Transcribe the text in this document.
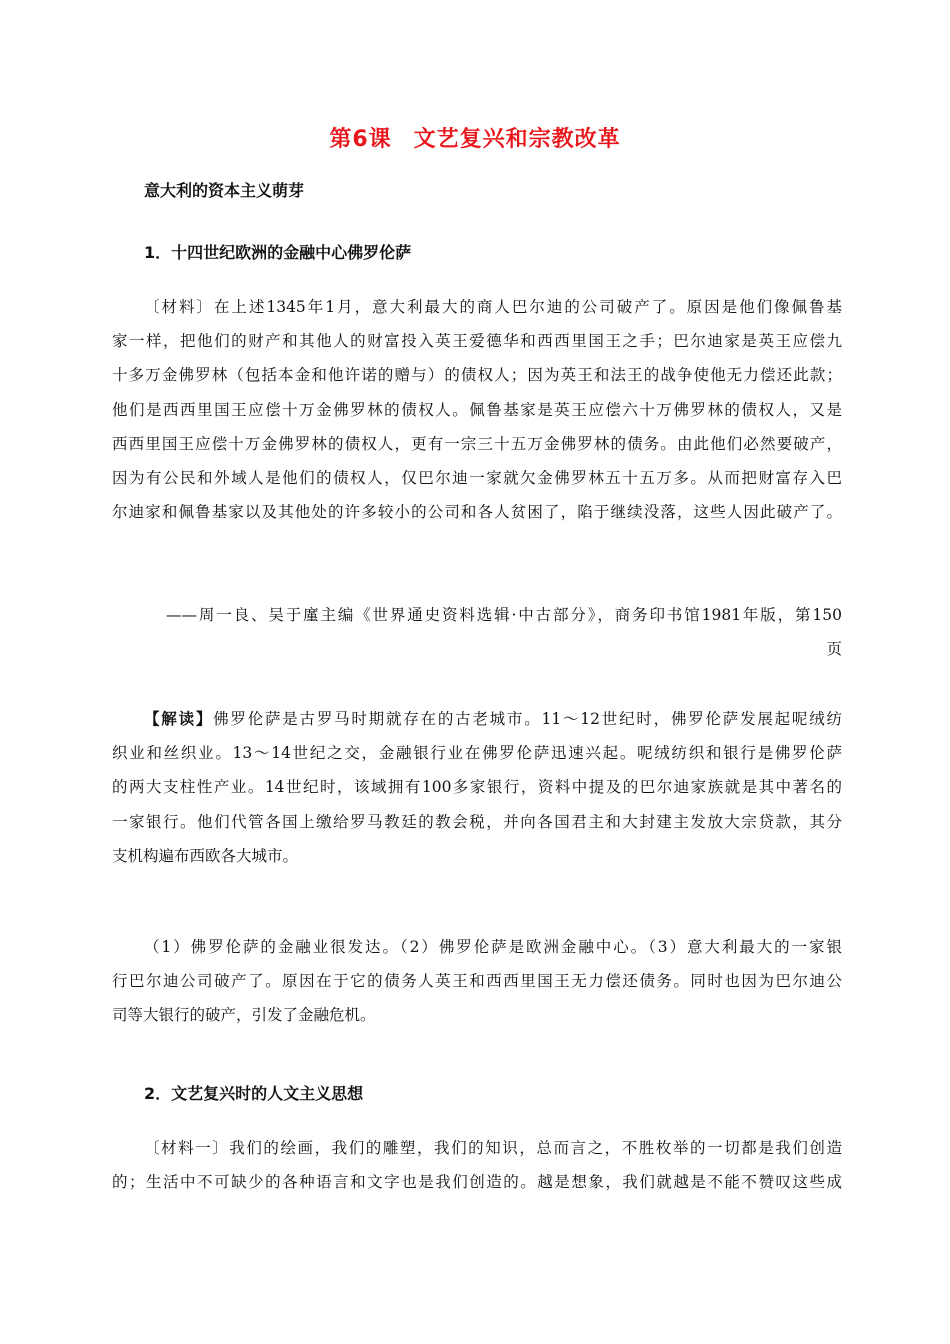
第6课 文艺复兴和宗教改革
意大利的资本主义萌芽
1．十四世纪欧洲的金融中心佛罗伦萨
〔材料〕在上述1345年1月，意大利最大的商人巴尔迪的公司破产了。原因是他们像佩鲁基
家一样，把他们的财产和其他人的财富投入英王爱德华和西西里国王之手；巴尔迪家是英王应偿九
十多万金佛罗林（包括本金和他许诺的赠与）的债权人；因为英王和法王的战争使他无力偿还此款；
他们是西西里国王应偿十万金佛罗林的债权人。佩鲁基家是英王应偿六十万佛罗林的债权人，又是
西西里国王应偿十万金佛罗林的债权人，更有一宗三十五万金佛罗林的债务。由此他们必然要破产，
因为有公民和外域人是他们的债权人，仅巴尔迪一家就欠金佛罗林五十五万多。从而把财富存入巴
尔迪家和佩鲁基家以及其他处的许多较小的公司和各人贫困了，陷于继续没落，这些人因此破产了。
——周一良、吴于廑主编《世界通史资料选辑·中古部分》，商务印书馆1981年版，第150
页
【解读】佛罗伦萨是古罗马时期就存在的古老城市。11～12世纪时，佛罗伦萨发展起呢绒纺
织业和丝织业。13～14世纪之交，金融银行业在佛罗伦萨迅速兴起。呢绒纺织和银行是佛罗伦萨
的两大支柱性产业。14世纪时，该域拥有100多家银行，资料中提及的巴尔迪家族就是其中著名的
一家银行。他们代管各国上缴给罗马教廷的教会税，并向各国君主和大封建主发放大宗贷款，其分
支机构遍布西欧各大城市。
（1）佛罗伦萨的金融业很发达。（2）佛罗伦萨是欧洲金融中心。（3）意大利最大的一家银
行巴尔迪公司破产了。原因在于它的债务人英王和西西里国王无力偿还债务。同时也因为巴尔迪公
司等大银行的破产，引发了金融危机。
2．文艺复兴时的人文主义思想
〔材料一〕我们的绘画，我们的雕塑，我们的知识，总而言之，不胜枚举的一切都是我们创造
的；生活中不可缺少的各种语言和文字也是我们创造的。越是想象，我们就越是不能不赞叹这些成
